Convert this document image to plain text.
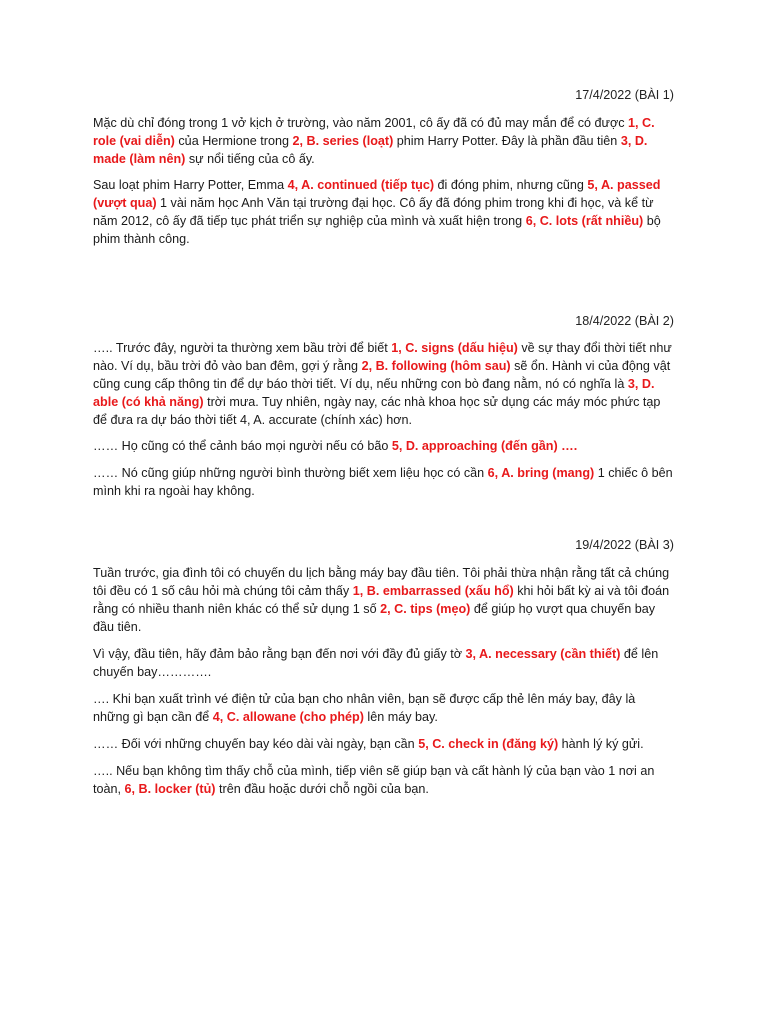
17/4/2022 (BÀI 1)

Mặc dù chỉ đóng trong 1 vở kịch ở trường, vào năm 2001, cô ấy đã có đủ may mắn để có được 1, C. role (vai diễn) của Hermione trong 2, B. series (loạt) phim Harry Potter. Đây là phần đầu tiên 3, D. made (làm nên) sự nổi tiếng của cô ấy.

Sau loạt phim Harry Potter, Emma 4, A. continued (tiếp tục) đi đóng phim, nhưng cũng 5, A. passed (vượt qua) 1 vài năm học Anh Văn tại trường đại học. Cô ấy đã đóng phim trong khi đi học, và kể từ năm 2012, cô ấy đã tiếp tục phát triển sự nghiệp của mình và xuất hiện trong 6, C. lots (rất nhiều) bộ phim thành công.

18/4/2022 (BÀI 2)

….. Trước đây, người ta thường xem bầu trời để biết 1, C. signs (dấu hiệu) về sự thay đổi thời tiết như nào. Ví dụ, bầu trời đỏ vào ban đêm, gợi ý rằng 2, B. following (hôm sau) sẽ ổn. Hành vi của động vật cũng cung cấp thông tin để dự báo thời tiết. Ví dụ, nếu những con bò đang nằm, nó có nghĩa là 3, D. able (có khả năng) trời mưa. Tuy nhiên, ngày nay, các nhà khoa học sử dụng các máy móc phức tạp để đưa ra dự báo thời tiết 4, A. accurate (chính xác) hơn.

…… Họ cũng có thể cảnh báo mọi người nếu có bão 5, D. approaching (đến gần) ….

…… Nó cũng giúp những người bình thường biết xem liệu học có cần 6, A. bring (mang) 1 chiếc ô bên mình khi ra ngoài hay không.

19/4/2022 (BÀI 3)

Tuần trước, gia đình tôi có chuyến du lịch bằng máy bay đầu tiên. Tôi phải thừa nhận rằng tất cả chúng tôi đều có 1 số câu hỏi mà chúng tôi cảm thấy 1, B. embarrassed (xấu hổ) khi hỏi bất kỳ ai và tôi đoán rằng có nhiều thanh niên khác có thể sử dụng 1 số 2, C. tips (mẹo) để giúp họ vượt qua chuyến bay đầu tiên.

Vì vậy, đầu tiên, hãy đảm bảo rằng bạn đến nơi với đầy đủ giấy tờ 3, A. necessary (cần thiết) để lên chuyến bay………….

…. Khi bạn xuất trình vé điện tử của bạn cho nhân viên, bạn sẽ được cấp thẻ lên máy bay, đây là những gì bạn cần để 4, C. allowane (cho phép) lên máy bay.

…… Đối với những chuyến bay kéo dài vài ngày, bạn cần 5, C. check in (đăng ký) hành lý ký gửi.

….. Nếu bạn không tìm thấy chỗ của mình, tiếp viên sẽ giúp bạn và cất hành lý của bạn vào 1 nơi an toàn, 6, B. locker (tủ) trên đầu hoặc dưới chỗ ngồi của bạn.
